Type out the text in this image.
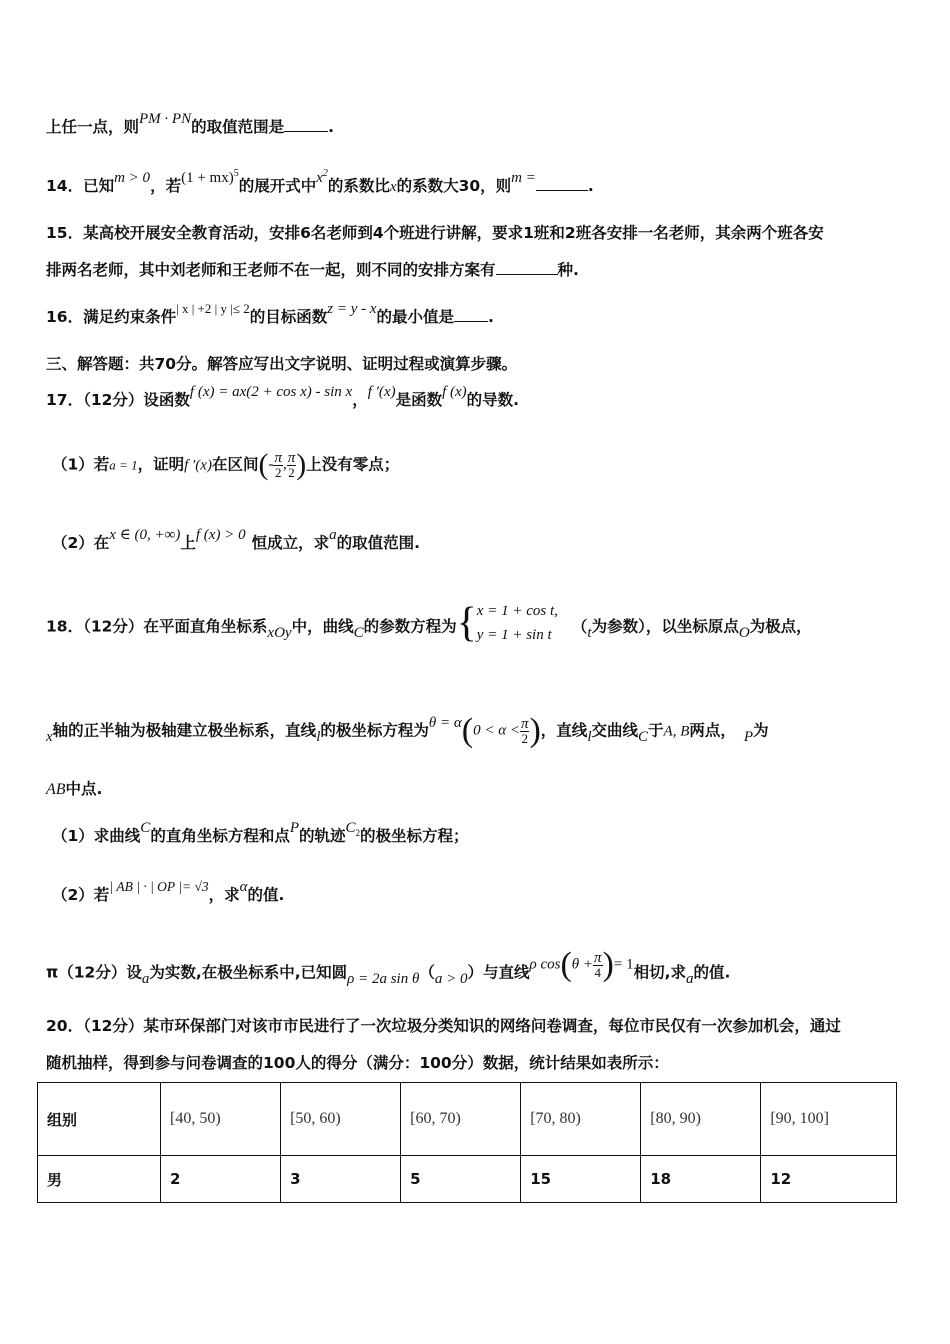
上任一点，则PM · PN的取值范围是	.
14．已知m > 0，若(1 + mx)$^5$的展开式中$x^2$的系数比x的系数大30，则m =	.
15．某高校开展安全教育活动，安排6名老师到4个班进行讲解，要求1班和2班各安排一名老师，其余两个班各安
排两名老师，其中刘老师和王老师不在一起，则不同的安排方案有	种.
16．满足约束条件$^{| x | +2 | y |\le 2}$的目标函数z = y - x的最小值是 .
三、解答题：共70分。解答应写出文字说明、证明过程或演算步骤。
17．（12分）设函数f (x) = ax(2 + cos x) - sin x，f ′(x)是函数f (x)的导数.
（1）若a = 1，证明f ′(x)在区间(- $\frac{\pi}{2}$ , $\frac{\pi}{2}$ )上没有零点；
（2）在x ∈ (0, +∞)上f (x) > 0 恒成立，求a的取值范围.
18．（12分）在平面直角坐标系xOy中，曲线C的参数方程为{ x = 1 + cos t,
y = 1 + sin t	（t为参数），以坐标原点O为极点，
x轴的正半轴为极轴建立极坐标系，直线l的极坐标方程为$\theta = \alpha(0 < \alpha < \frac{\pi}{2}$ )，直线l交曲线C于A, B两点， P为
AB中点.
（1）求曲线C的直角坐标方程和点P的轨迹$C_2$的极坐标方程；
（2）若| AB | · | OP |= √3，求α的值.
π（12分）设a为实数,在极坐标系中,已知圆ρ = 2a sin θ（a > 0）与直线ρ $\cos(\theta + \frac{\pi}{4}$ )= 1相切,求a的值.
20．（12分）某市环保部门对该市市民进行了一次垃圾分类知识的网络问卷调查，每位市民仅有一次参加机会，通过
随机抽样，得到参与问卷调查的100人的得分（满分：100分）数据，统计结果如表所示：
组别	[40, 50)	[50, 60)	[60, 70)	[70, 80)	[80, 90)	[90, 100]
男	2	3	5	15	18	12
